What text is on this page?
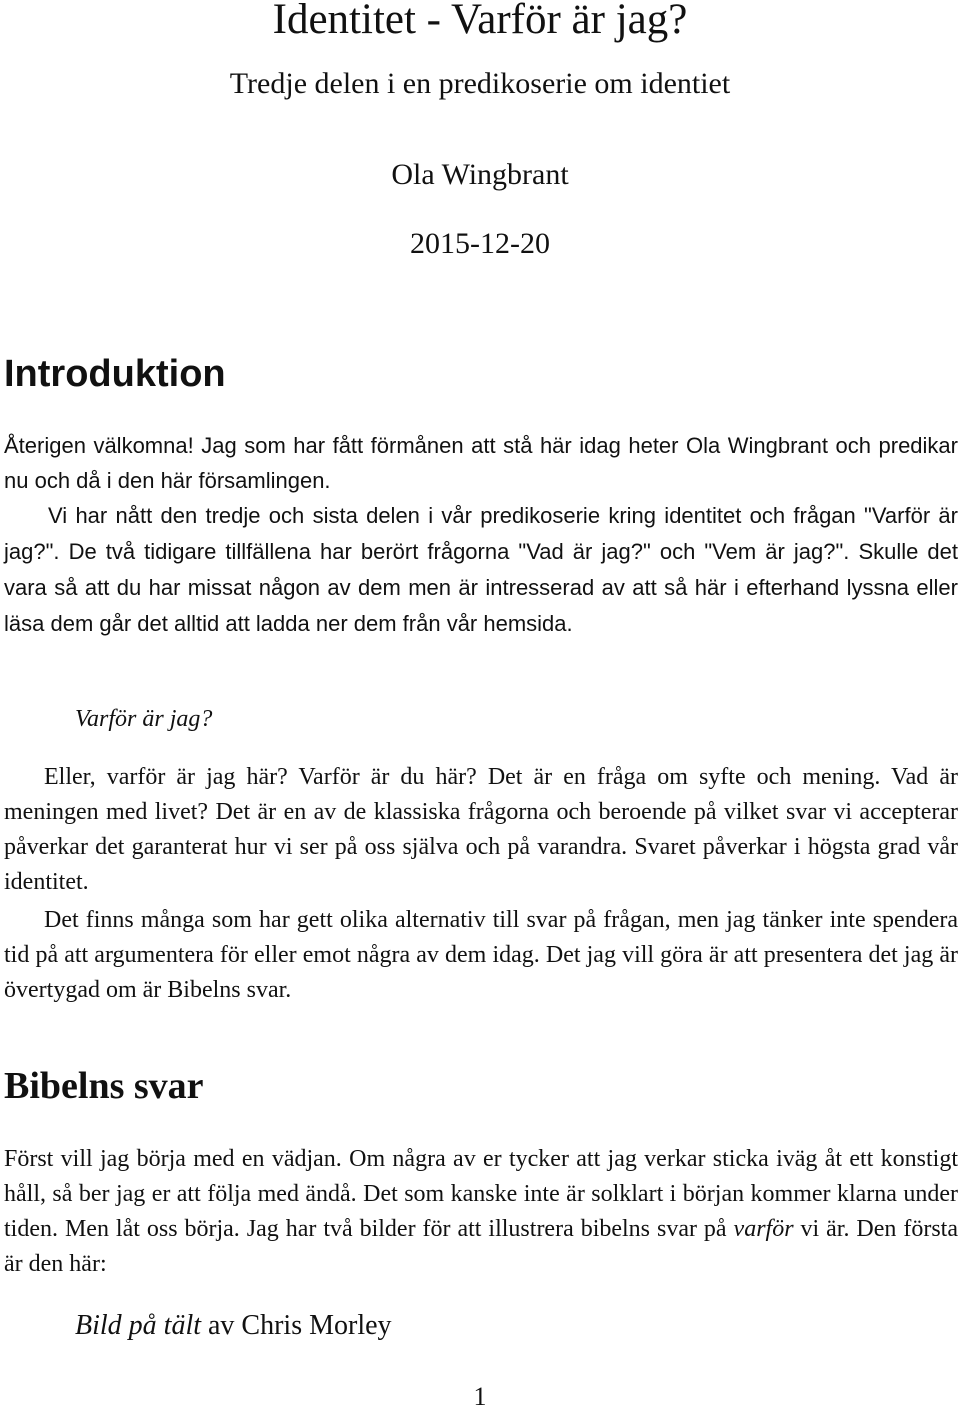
Identitet - Varför är jag?
Tredje delen i en predikoserie om identiet
Ola Wingbrant
2015-12-20
Introduktion

Återigen välkomna! Jag som har fått förmånen att stå här idag heter Ola Wingbrant och predikar nu och då i den här församlingen.

Vi har nått den tredje och sista delen i vår predikoserie kring identitet och frågan "Varför är jag?". De två tidigare tillfällena har berört frågorna "Vad är jag?" och "Vem är jag?". Skulle det vara så att du har missat någon av dem men är intresserad av att så här i efterhand lyssna eller läsa dem går det alltid att ladda ner dem från vår hemsida.

Varför är jag?

Eller, varför är jag här? Varför är du här? Det är en fråga om syfte och mening. Vad är meningen med livet? Det är en av de klassiska frågorna och beroende på vilket svar vi accepterar påverkar det garanterat hur vi ser på oss själva och på varandra. Svaret påverkar i högsta grad vår identitet.

Det finns många som har gett olika alternativ till svar på frågan, men jag tänker inte spendera tid på att argumentera för eller emot några av dem idag. Det jag vill göra är att presentera det jag är övertygad om är Bibelns svar.

Bibelns svar

Först vill jag börja med en vädjan. Om några av er tycker att jag verkar sticka iväg åt ett konstigt håll, så ber jag er att följa med ändå. Det som kanske inte är solklart i början kommer klarna under tiden. Men låt oss börja. Jag har två bilder för att illustrera bibelns svar på varför vi är. Den första är den här:

Bild på tält av Chris Morley

1
